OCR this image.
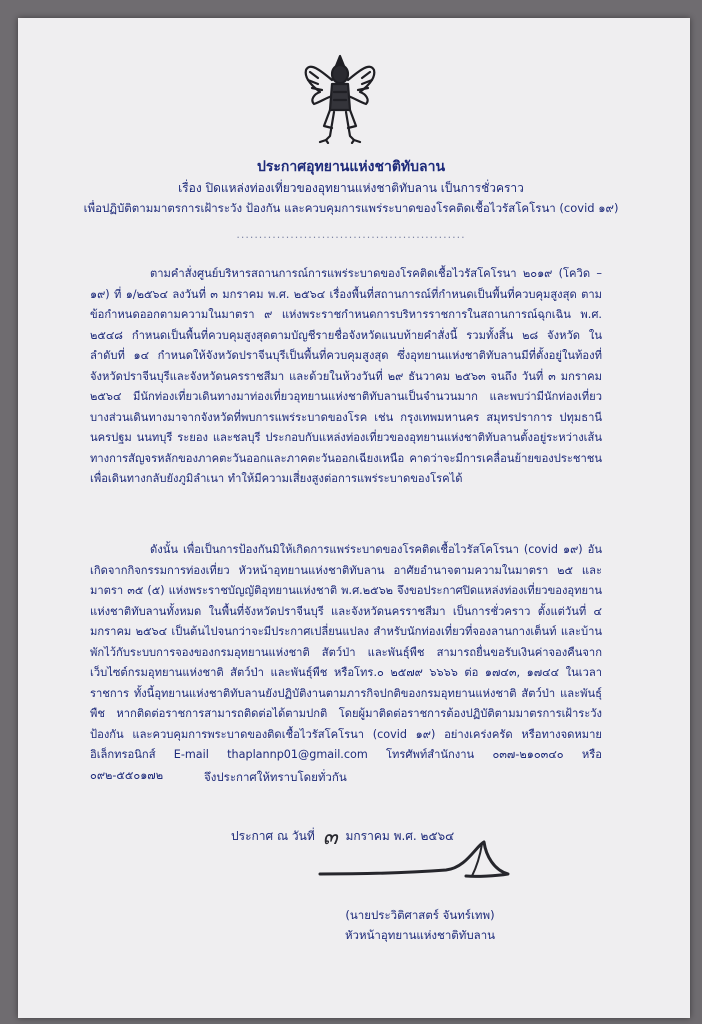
ประกาศอุทยานแห่งชาติทับลาน
เรื่อง ปิดแหล่งท่องเที่ยวของอุทยานแห่งชาติทับลาน เป็นการชั่วคราว
เพื่อปฏิบัติตามมาตรการเฝ้าระวัง ป้องกัน และควบคุมการแพร่ระบาดของโรคติดเชื้อไวรัสโคโรนา (covid ๑๙)
...................................................

ตามคำสั่งศูนย์บริหารสถานการณ์การแพร่ระบาดของโรคติดเชื้อไวรัสโคโรนา ๒๐๑๙ (โควิด – ๑๙) ที่ ๑/๒๕๖๔ ลงวันที่ ๓ มกราคม พ.ศ. ๒๕๖๔ เรื่องพื้นที่สถานการณ์ที่กำหนดเป็นพื้นที่ควบคุมสูงสุด ตามข้อกำหนดออกตามความในมาตรา ๙ แห่งพระราชกำหนดการบริหารราชการในสถานการณ์ฉุกเฉิน พ.ศ. ๒๕๔๘ กำหนดเป็นพื้นที่ควบคุมสูงสุดตามบัญชีรายชื่อจังหวัดแนบท้ายคำสั่งนี้ รวมทั้งสิ้น ๒๘ จังหวัด ในลำดับที่ ๑๔ กำหนดให้จังหวัดปราจีนบุรีเป็นพื้นที่ควบคุมสูงสุด ซึ่งอุทยานแห่งชาติทับลานมีที่ตั้งอยู่ในท้องที่จังหวัดปราจีนบุรีและจังหวัดนครราชสีมา และด้วยในห้วงวันที่ ๒๙ ธันวาคม ๒๕๖๓ จนถึง วันที่ ๓ มกราคม ๒๕๖๔ มีนักท่องเที่ยวเดินทางมาท่องเที่ยวอุทยานแห่งชาติทับลานเป็นจำนวนมาก และพบว่ามีนักท่องเที่ยวบางส่วนเดินทางมาจากจังหวัดที่พบการแพร่ระบาดของโรค เช่น กรุงเทพมหานคร สมุทรปราการ ปทุมธานี นครปฐม นนทบุรี ระยอง และชลบุรี ประกอบกับแหล่งท่องเที่ยวของอุทยานแห่งชาติทับลานตั้งอยู่ระหว่างเส้นทางการสัญจรหลักของภาคตะวันออกและภาคตะวันออกเฉียงเหนือ คาดว่าจะมีการเคลื่อนย้ายของประชาชนเพื่อเดินทางกลับยังภูมิลำเนา ทำให้มีความเสี่ยงสูงต่อการแพร่ระบาดของโรคได้

ดังนั้น เพื่อเป็นการป้องกันมิให้เกิดการแพร่ระบาดของโรคติดเชื้อไวรัสโคโรนา (covid ๑๙) อันเกิดจากกิจกรรมการท่องเที่ยว หัวหน้าอุทยานแห่งชาติทับลาน อาศัยอำนาจตามความในมาตรา ๒๕ และมาตรา ๓๕ (๕) แห่งพระราชบัญญัติอุทยานแห่งชาติ พ.ศ.๒๕๖๒ จึงขอประกาศปิดแหล่งท่องเที่ยวของอุทยานแห่งชาติทับลานทั้งหมด ในพื้นที่จังหวัดปราจีนบุรี และจังหวัดนครราชสีมา เป็นการชั่วคราว ตั้งแต่วันที่ ๔ มกราคม ๒๕๖๔ เป็นต้นไปจนกว่าจะมีประกาศเปลี่ยนแปลง สำหรับนักท่องเที่ยวที่จองลานกางเต็นท์ และบ้านพักไว้กับระบบการจองของกรมอุทยานแห่งชาติ สัตว์ป่า และพันธุ์พืช สามารถยื่นขอรับเงินค่าจองคืนจากเว็บไซต์กรมอุทยานแห่งชาติ สัตว์ป่า และพันธุ์พืช หรือโทร.๐ ๒๕๗๙ ๖๖๖๖ ต่อ ๑๗๔๓, ๑๗๔๔ ในเวลาราชการ ทั้งนี้อุทยานแห่งชาติทับลานยังปฏิบัติงานตามภารกิจปกติของกรมอุทยานแห่งชาติ สัตว์ป่า และพันธุ์พืช หากติดต่อราชการสามารถติดต่อได้ตามปกติ โดยผู้มาติดต่อราชการต้องปฏิบัติตามมาตรการเฝ้าระวัง ป้องกัน และควบคุมการพระบาดของติดเชื้อไวรัสโคโรนา (covid ๑๙) อย่างเคร่งครัด หรือทางจดหมายอิเล็กทรอนิกส์ E-mail thaplannp01@gmail.com โทรศัพท์สำนักงาน ๐๓๗-๒๑๐๓๔๐ หรือ ๐๙๒-๕๕๐๑๗๒	จึงประกาศให้ทราบโดยทั่วกัน
ประกาศ ณ วันที่ ๓ มกราคม พ.ศ. ๒๕๖๔
(นายประวิติศาสตร์ จันทร์เทพ)
หัวหน้าอุทยานแห่งชาติทับลาน
